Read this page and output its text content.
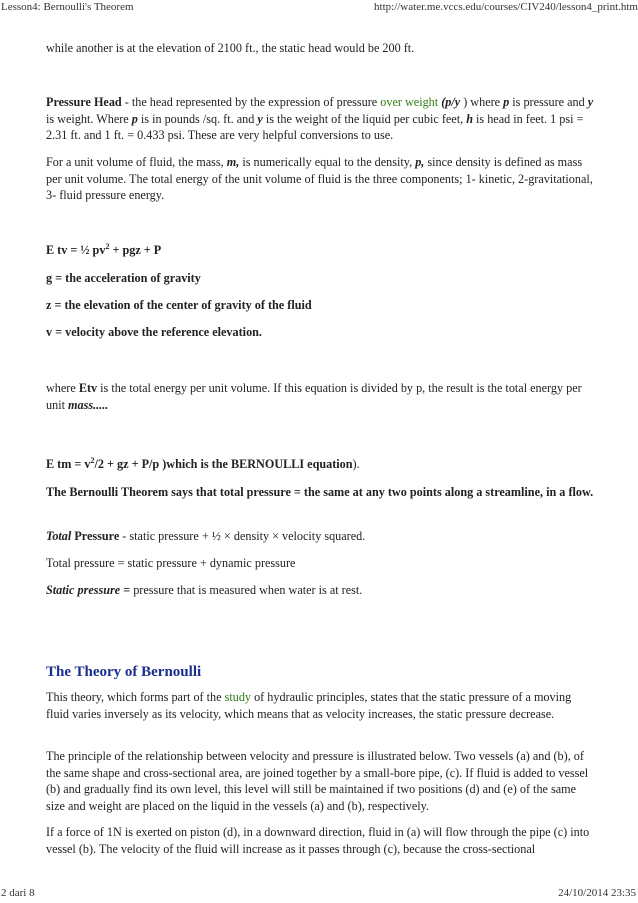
Lesson4: Bernoulli's Theorem	http://water.me.vccs.edu/courses/CIV240/lesson4_print.htm

while another is at the elevation of 2100 ft., the static head would be 200 ft.

Pressure Head - the head represented by the expression of pressure over weight (p/y ) where p is pressure and y is weight. Where p is in pounds /sq. ft. and y is the weight of the liquid per cubic feet, h is head in feet. 1 psi = 2.31 ft. and 1 ft. = 0.433 psi. These are very helpful conversions to use.

For a unit volume of fluid, the mass, m, is numerically equal to the density, p, since density is defined as mass per unit volume. The total energy of the unit volume of fluid is the three components; 1- kinetic, 2-gravitational, 3- fluid pressure energy.

E tv = ½ $pv^2$ + pgz + P

g = the acceleration of gravity

z = the elevation of the center of gravity of the fluid

v = velocity above the reference elevation.

where Etv is the total energy per unit volume. If this equation is divided by p, the result is the total energy per unit mass.....

E tm = $v^2/2$ + gz + P/p )which is the BERNOULLI equation).

The Bernoulli Theorem says that total pressure = the same at any two points along a streamline, in a flow.

Total Pressure - static pressure + ½ × density × velocity squared.

Total pressure = static pressure + dynamic pressure

Static pressure = pressure that is measured when water is at rest.

The Theory of Bernoulli

This theory, which forms part of the study of hydraulic principles, states that the static pressure of a moving fluid varies inversely as its velocity, which means that as velocity increases, the static pressure decrease.

The principle of the relationship between velocity and pressure is illustrated below. Two vessels (a) and (b), of the same shape and cross-sectional area, are joined together by a small-bore pipe, (c). If fluid is added to vessel (b) and gradually find its own level, this level will still be maintained if two positions (d) and (e) of the same size and weight are placed on the liquid in the vessels (a) and (b), respectively.

If a force of 1N is exerted on piston (d), in a downward direction, fluid in (a) will flow through the pipe (c) into vessel (b). The velocity of the fluid will increase as it passes through (c), because the cross-sectional

2 dari 8	24/10/2014 23:35
